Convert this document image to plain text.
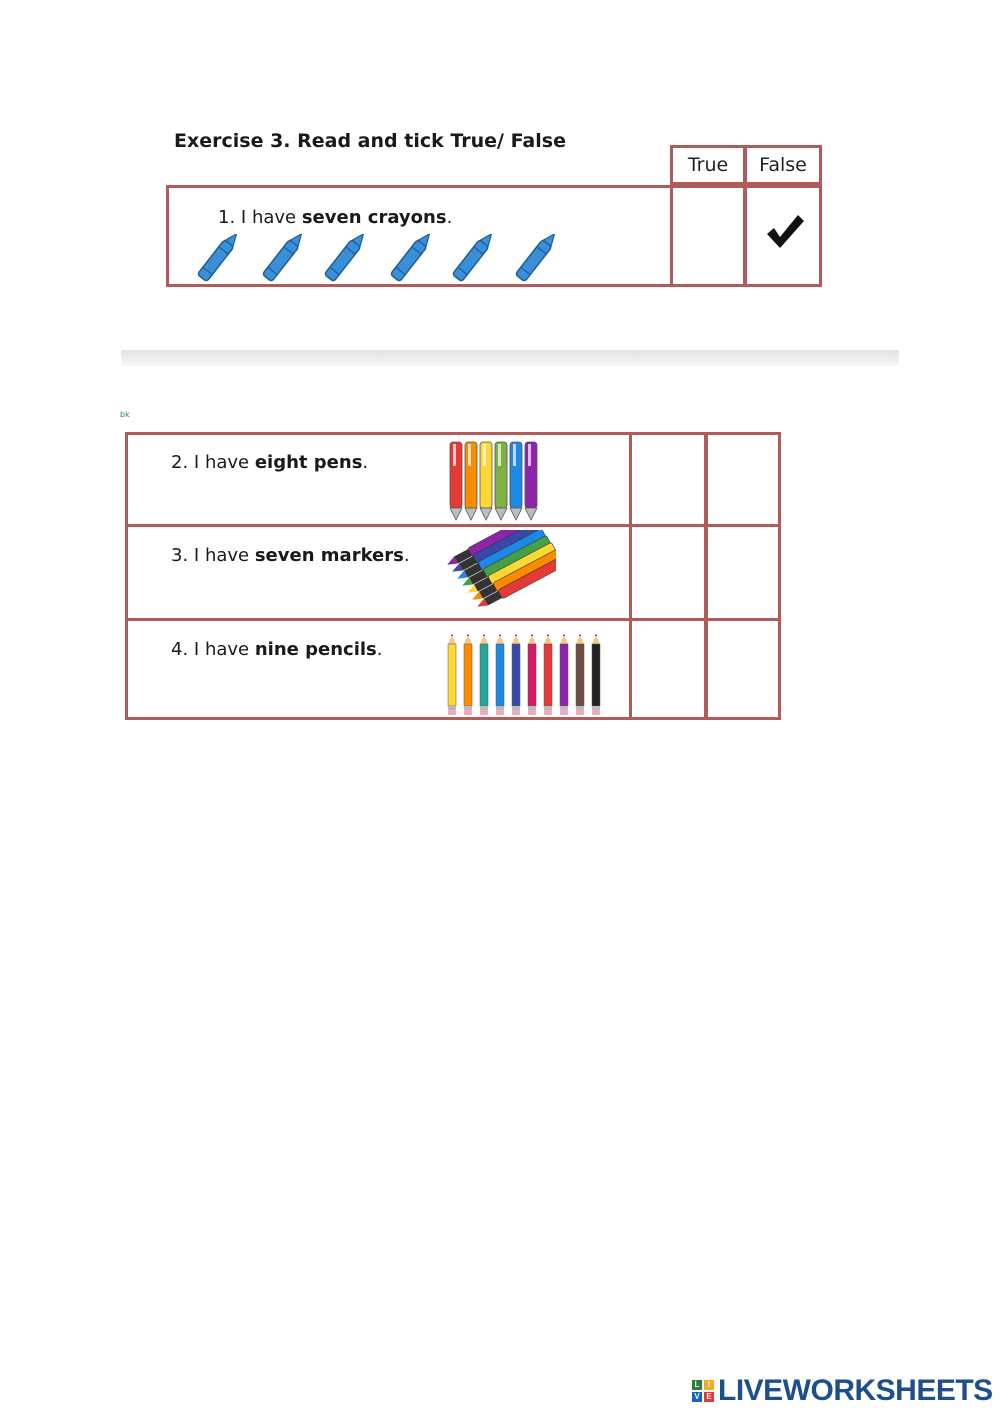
Exercise 3. Read and tick True/ False
True	False
1. I have seven crayons.
bk
2. I have eight pens.
3. I have seven markers.
4. I have nine pencils.
L	I
V E LIVEWORKSHEETS
